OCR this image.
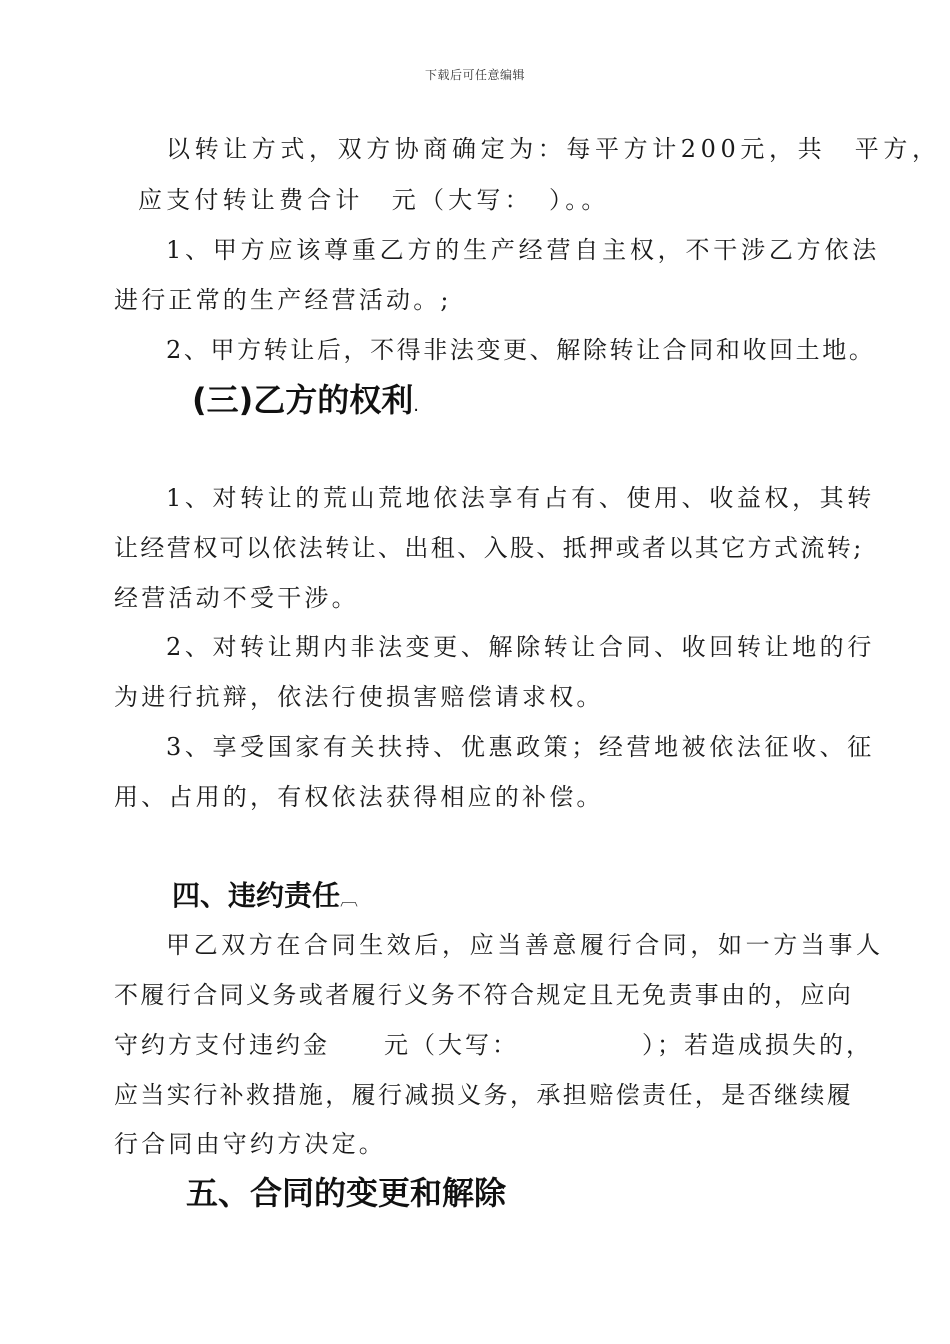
下载后可任意编辑
以转让方式，双方协商确定为：每平方计200元，共　平方，
应支付转让费合计　元（大写：　）。。
1、甲方应该尊重乙方的生产经营自主权，不干涉乙方依法
进行正常的生产经营活动。;
2、甲方转让后，不得非法变更、解除转让合同和收回土地。
(三)乙方的权利.
1、对转让的荒山荒地依法享有占有、使用、收益权，其转
让经营权可以依法转让、出租、入股、抵押或者以其它方式流转;
经营活动不受干涉。
2、对转让期内非法变更、解除转让合同、收回转让地的行
为进行抗辩，依法行使损害赔偿请求权。
3、享受国家有关扶持、优惠政策；经营地被依法征收、征
用、占用的，有权依法获得相应的补偿。
四、违约责任︹
甲乙双方在合同生效后，应当善意履行合同，如一方当事人
不履行合同义务或者履行义务不符合规定且无免责事由的，应向
守约方支付违约金　　元（大写：　　　　　）；若造成损失的，
应当实行补救措施，履行减损义务，承担赔偿责任，是否继续履
行合同由守约方决定。
五、合同的变更和解除
